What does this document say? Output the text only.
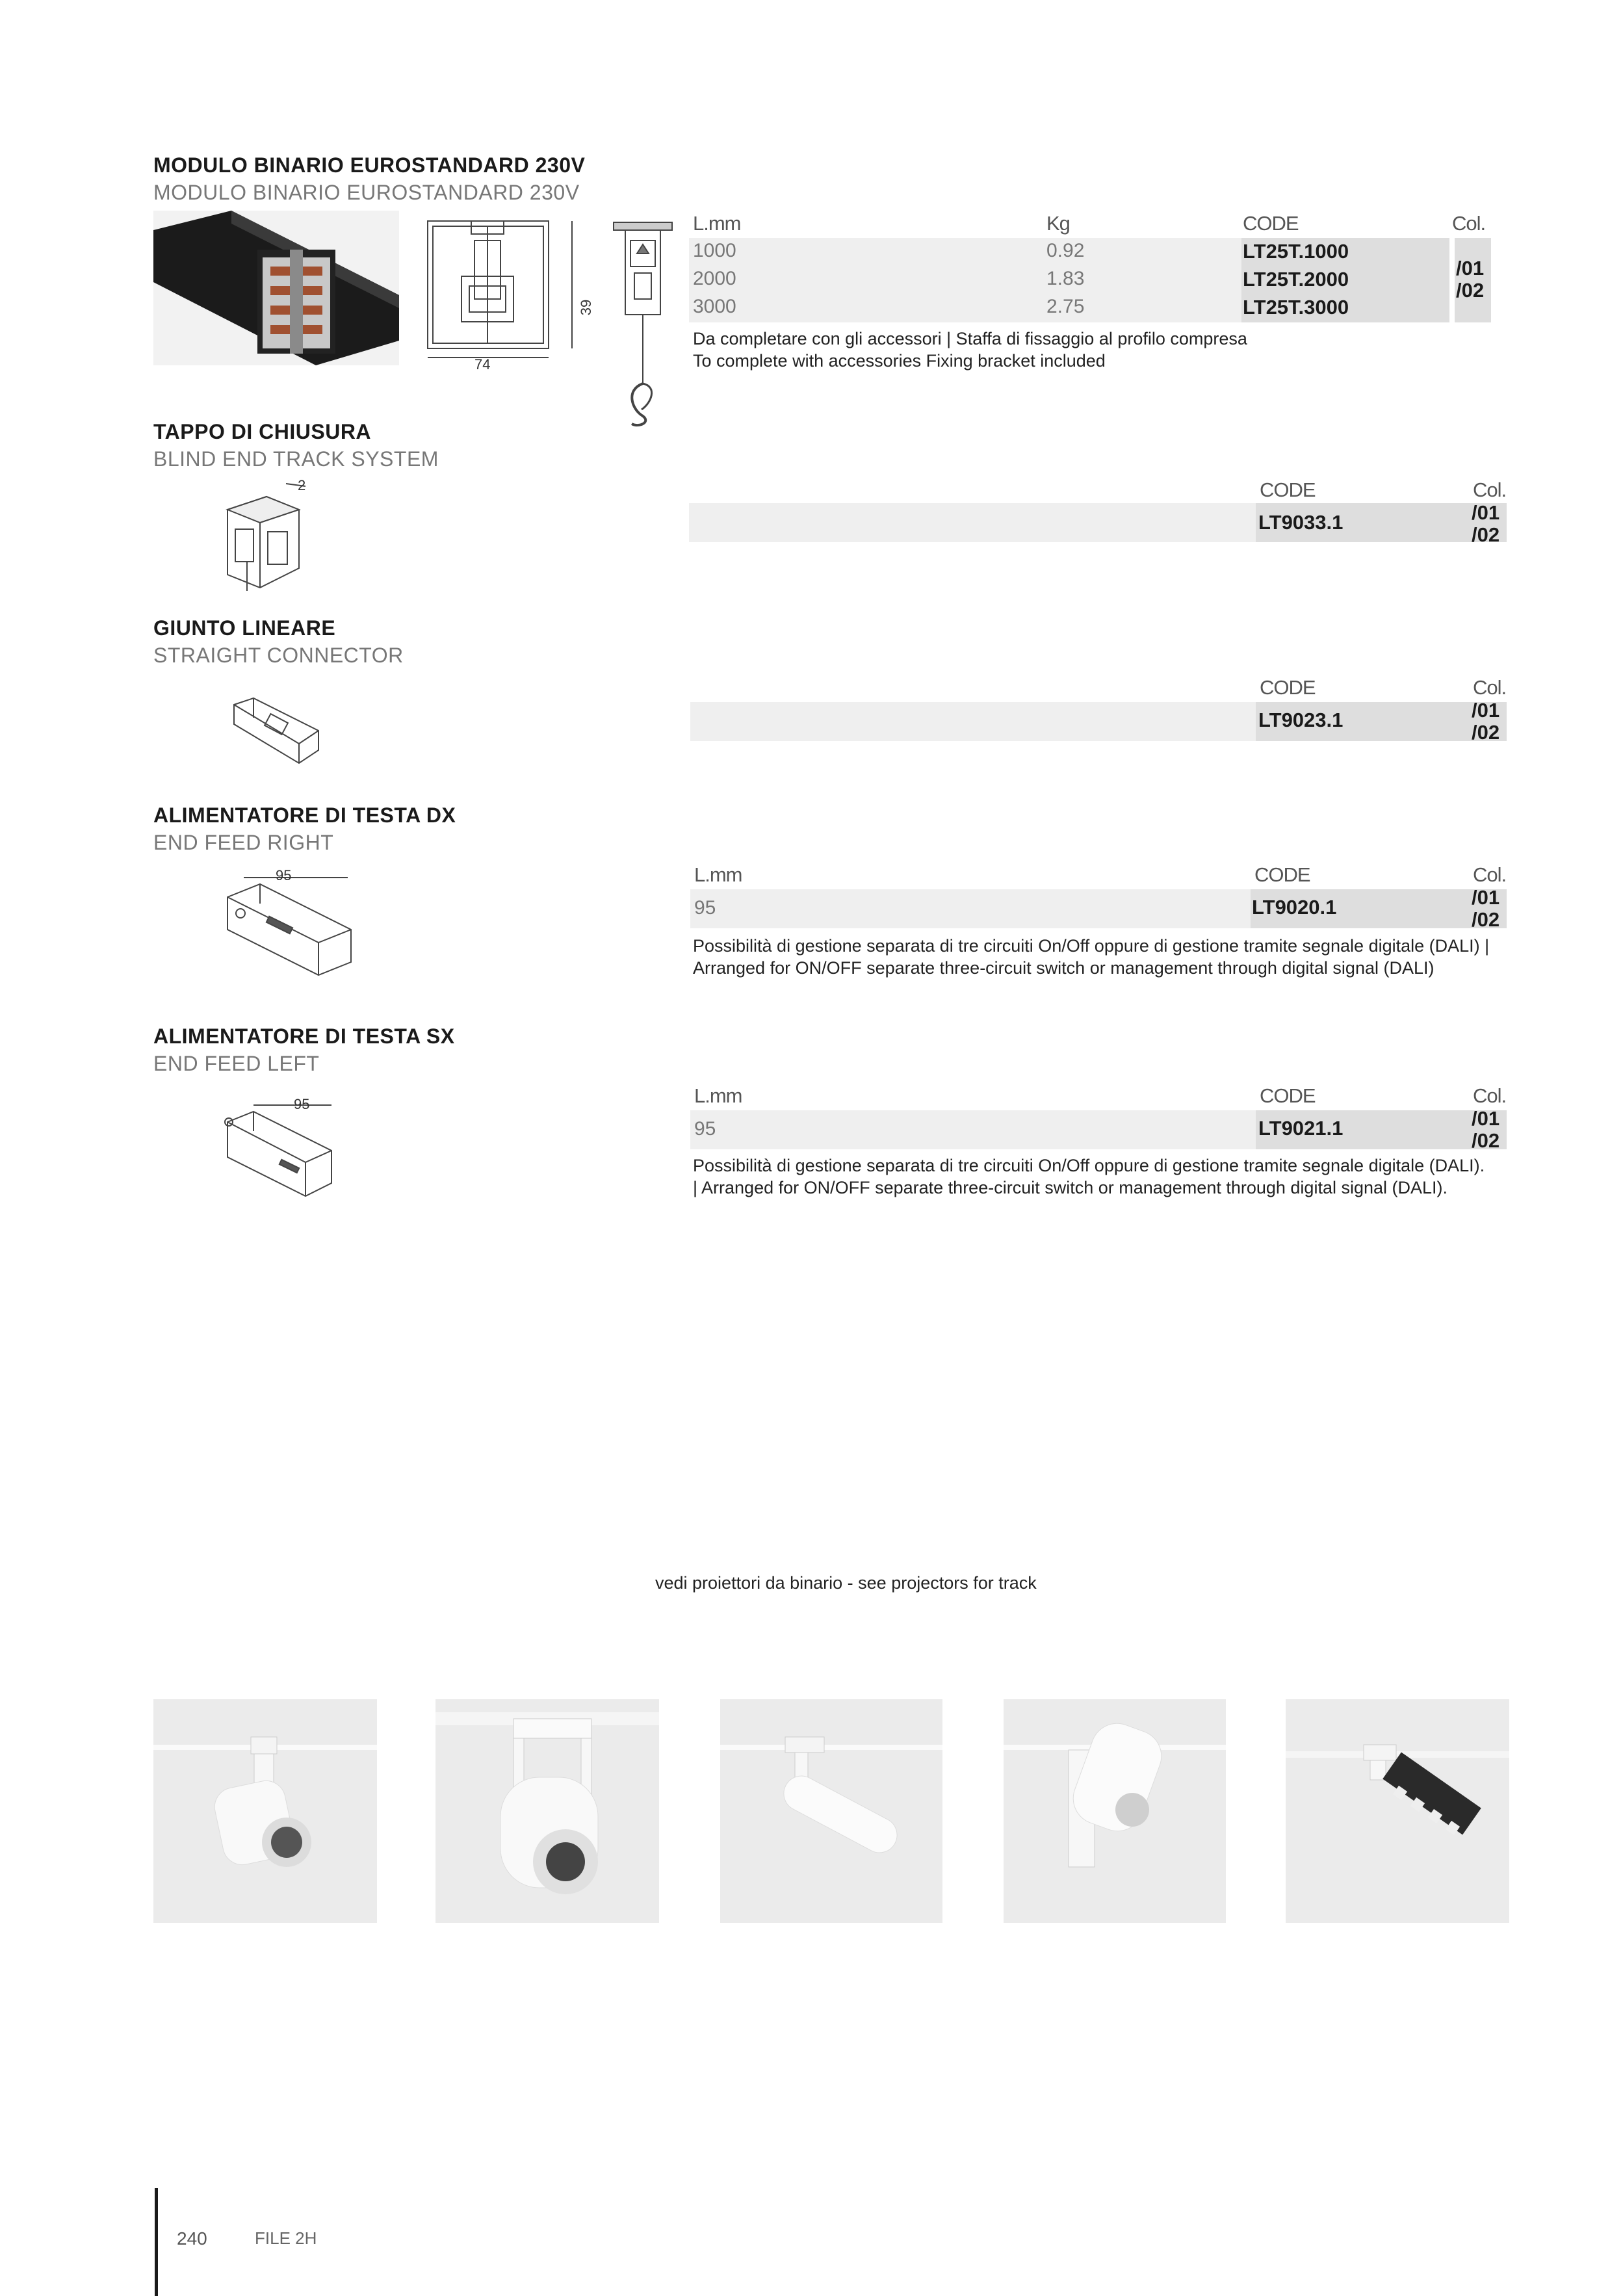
MODULO BINARIO EUROSTANDARD 230V
MODULO BINARIO EUROSTANDARD 230V
74
39
L.mm	Kg	CODE	Col.
1000	0.92	LT25T.1000
2000	1.83	LT25T.2000
3000	2.75	LT25T.3000
/01
/02
Da completare con gli accessori | Staffa di fissaggio al profilo compresa
To complete with accessories Fixing bracket included
TAPPO DI CHIUSURA
BLIND END TRACK SYSTEM
2	CODE	Col.
LT9033.1	/01
/02
GIUNTO LINEARE
STRAIGHT CONNECTOR
CODE	Col.
LT9023.1	/01
/02
ALIMENTATORE DI TESTA DX
END FEED RIGHT
95	L.mm	CODE	Col.
95	LT9020.1	/01
/02
Possibilità di gestione separata di tre circuiti On/Off oppure di gestione tramite segnale digitale (DALI) |
Arranged for ON/OFF separate three-circuit switch or management through digital signal (DALI)
ALIMENTATORE DI TESTA SX
END FEED LEFT
95	L.mm	CODE	Col.
95	LT9021.1	/01
/02
Possibilità di gestione separata di tre circuiti On/Off oppure di gestione tramite segnale digitale (DALI).
| Arranged for ON/OFF separate three-circuit switch or management through digital signal (DALI).
vedi proiettori da binario - see projectors for track
240	FILE 2H
